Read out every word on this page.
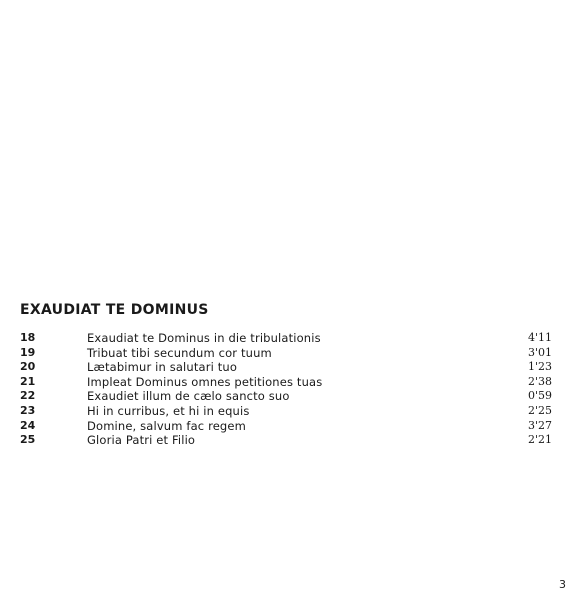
EXAUDIAT TE DOMINUS
18	Exaudiat te Dominus in die tribulationis	4'11
19	Tribuat tibi secundum cor tuum	3'01
20	Lætabimur in salutari tuo	1'23
21	Impleat Dominus omnes petitiones tuas	2'38
22	Exaudiet illum de cælo sancto suo	0'59
23	Hi in curribus, et hi in equis	2'25
24	Domine, salvum fac regem	3'27
25	Gloria Patri et Filio	2'21
3
